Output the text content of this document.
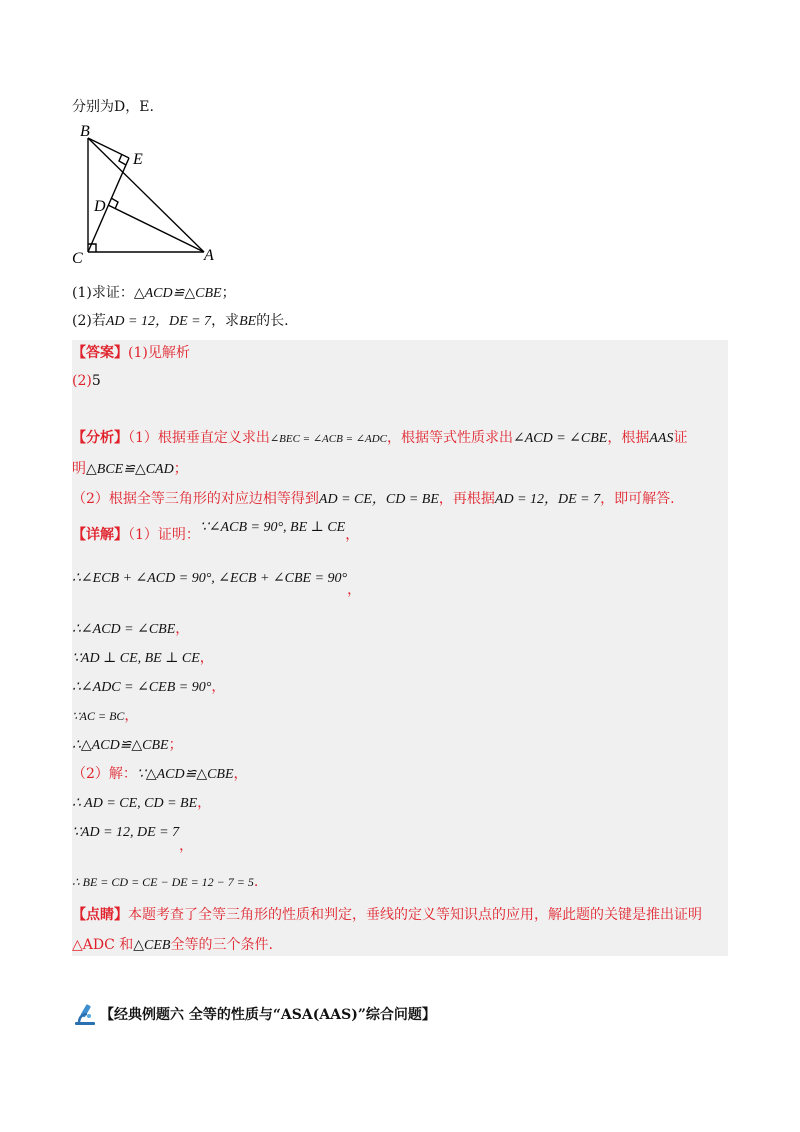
分别为D，E.
B
E
D
C	A
(1)求证：△ACD≌△CBE；
(2)若AD = 12，DE = 7，求BE的长.
【答案】(1)见解析
(2)5
【分析】（1）根据垂直定义求出∠BEC = ∠ACB = ∠ADC，根据等式性质求出∠ACD = ∠CBE，根据AAS证
明△BCE≌△CAD；
（2）根据全等三角形的对应边相等得到AD = CE，CD = BE，再根据AD = 12，DE = 7，即可解答.
【详解】（1）证明：∵∠ACB = 90°, BE ⊥ CE，
∴∠ECB + ∠ACD = 90°, ∠ECB + ∠CBE = 90°，
∴∠ACD = ∠CBE，
∵AD ⊥ CE, BE ⊥ CE，
∴∠ADC = ∠CEB = 90°，
∵AC = BC，
∴△ACD≌△CBE；
（2）解：∵△ACD≌△CBE，
∴ AD = CE, CD = BE，
∵AD = 12, DE = 7，
∴ BE = CD = CE − DE = 12 − 7 = 5.
【点睛】本题考查了全等三角形的性质和判定，垂线的定义等知识点的应用，解此题的关键是推出证明
△ADC 和△CEB全等的三个条件.
【经典例题六 全等的性质与“ASA(AAS)”综合问题】
